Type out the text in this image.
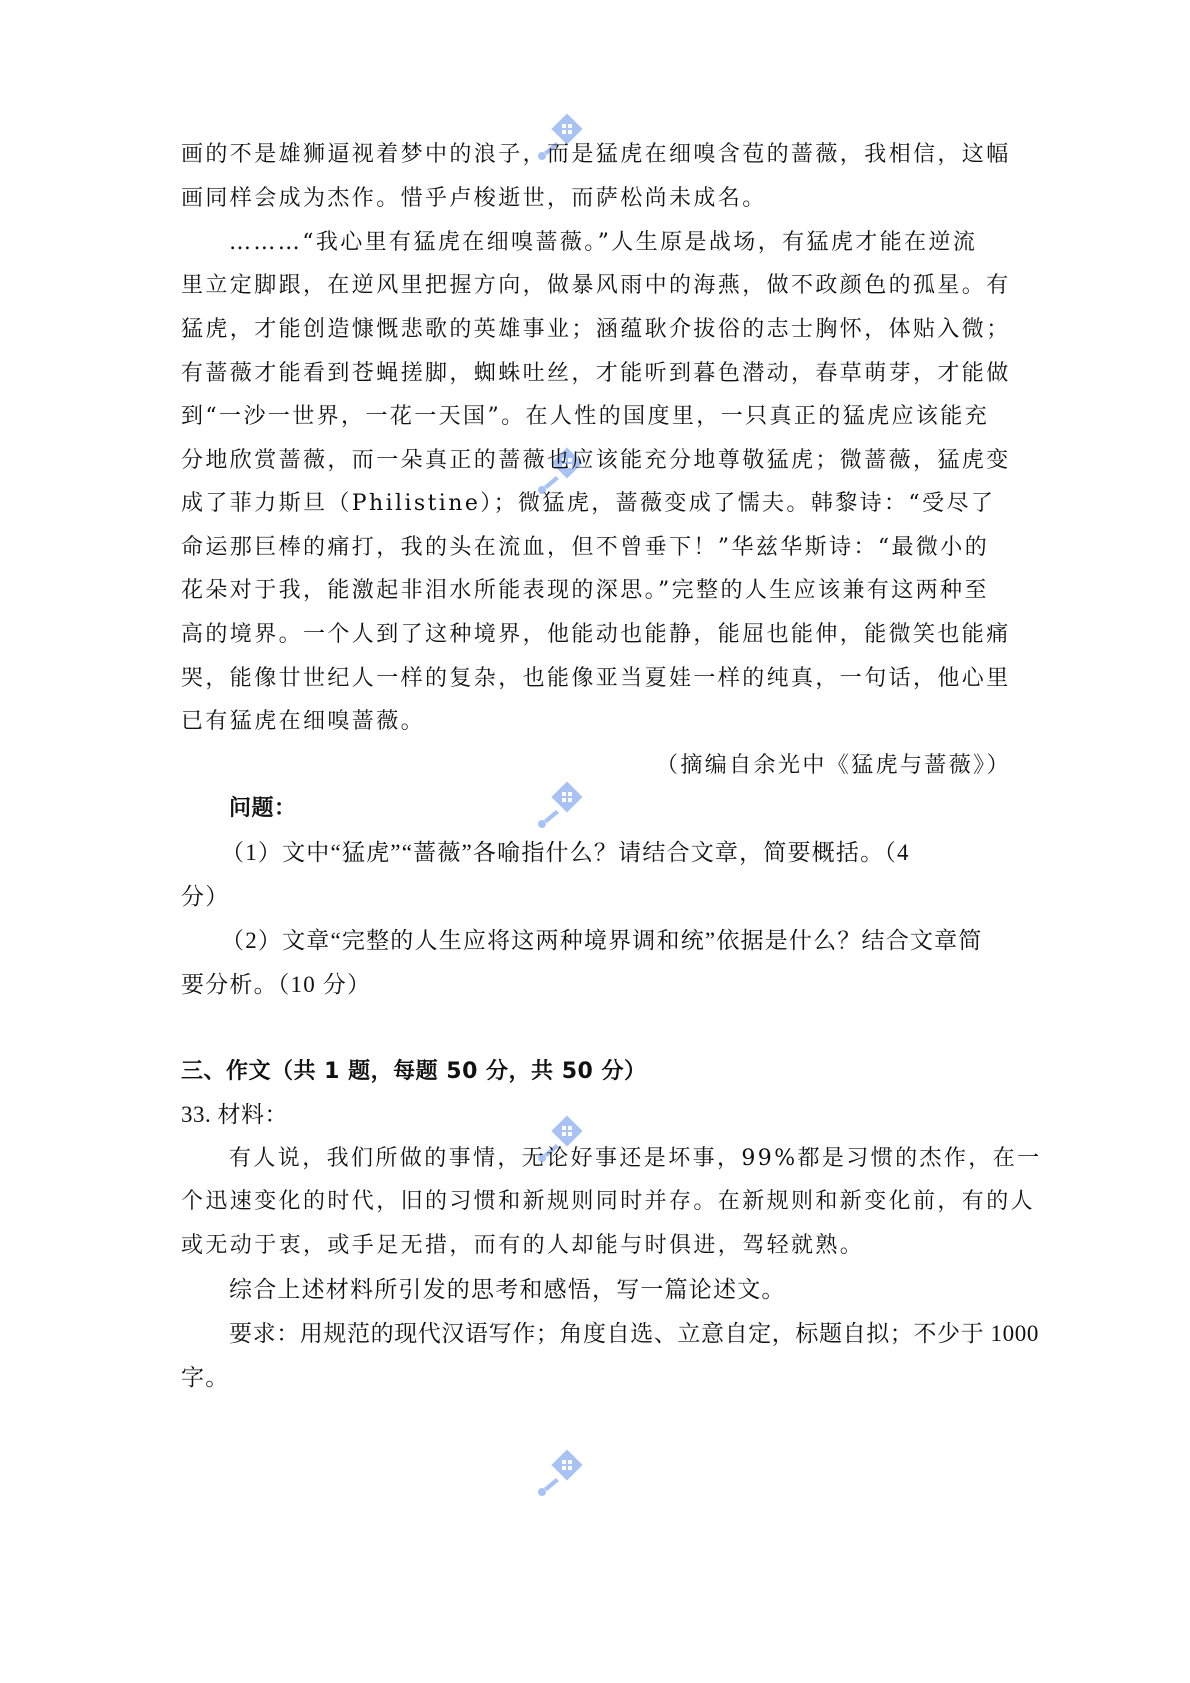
画的不是雄狮逼视着梦中的浪子，而是猛虎在细嗅含苞的蔷薇，我相信，这幅
画同样会成为杰作。惜乎卢梭逝世，而萨松尚未成名。
………“我心里有猛虎在细嗅蔷薇。”人生原是战场，有猛虎才能在逆流
里立定脚跟，在逆风里把握方向，做暴风雨中的海燕，做不政颜色的孤星。有
猛虎，才能创造慷慨悲歌的英雄事业；涵蕴耿介拔俗的志士胸怀，体贴入微；
有蔷薇才能看到苍蝇搓脚，蜘蛛吐丝，才能听到暮色潜动，春草萌芽，才能做
到“一沙一世界，一花一天国”。在人性的国度里，一只真正的猛虎应该能充
分地欣赏蔷薇，而一朵真正的蔷薇也应该能充分地尊敬猛虎；微蔷薇，猛虎变
成了菲力斯旦（Philistine）；微猛虎，蔷薇变成了懦夫。韩黎诗：“受尽了
命运那巨棒的痛打，我的头在流血，但不曾垂下！”华兹华斯诗：“最微小的
花朵对于我，能激起非泪水所能表现的深思。”完整的人生应该兼有这两种至
高的境界。一个人到了这种境界，他能动也能静，能屈也能伸，能微笑也能痛
哭，能像廿世纪人一样的复杂，也能像亚当夏娃一样的纯真，一句话，他心里
已有猛虎在细嗅蔷薇。
（摘编自余光中《猛虎与蔷薇》）
问题：
（1）文中“猛虎”“蔷薇”各喻指什么？请结合文章，简要概括。（4
分）
（2）文章“完整的人生应将这两种境界调和统”依据是什么？结合文章简
要分析。（10 分）
三、作文（共 1 题，每题 50 分，共 50 分）
33. 材料：
有人说，我们所做的事情，无论好事还是坏事，99%都是习惯的杰作，在一
个迅速变化的时代，旧的习惯和新规则同时并存。在新规则和新变化前，有的人
或无动于衷，或手足无措，而有的人却能与时俱进，驾轻就熟。
综合上述材料所引发的思考和感悟，写一篇论述文。
要求：用规范的现代汉语写作；角度自选、立意自定，标题自拟；不少于 1000
字。
